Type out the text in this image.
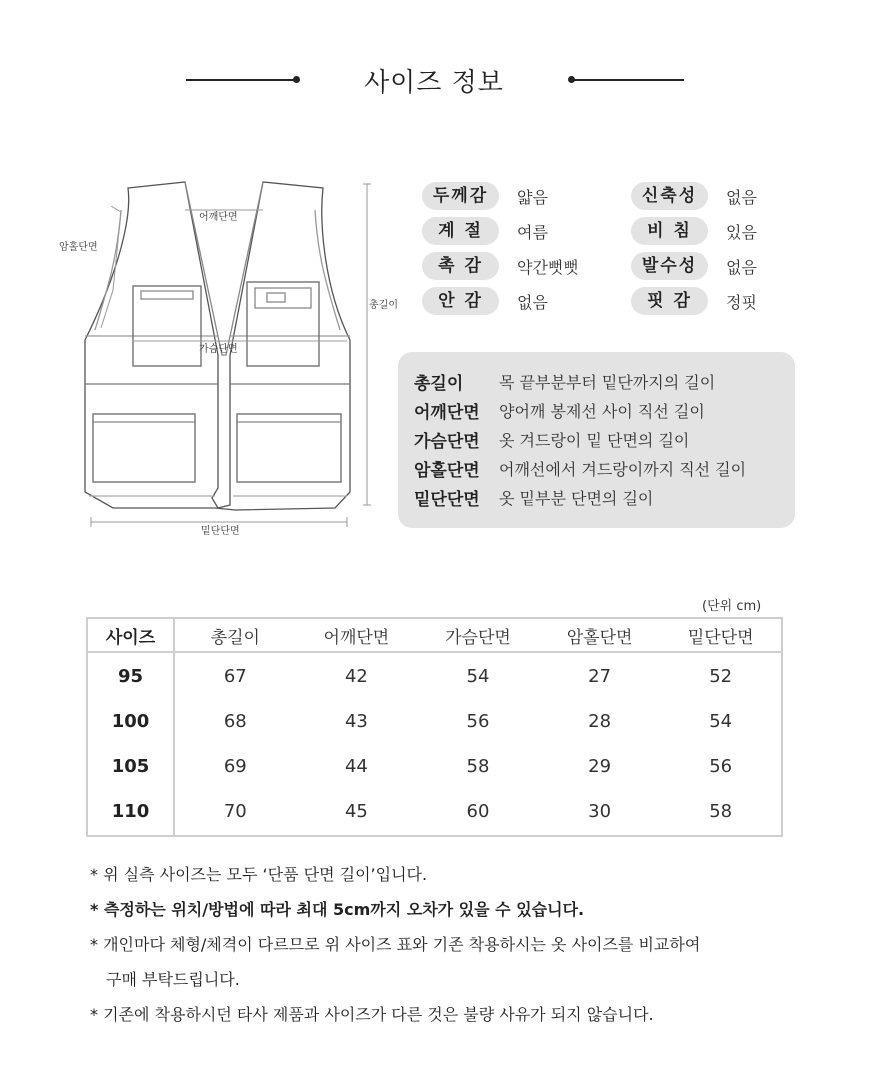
사이즈 정보
어깨단면
암홀단면
가슴단면
총길이
밑단단면
두께감	얇음
계 절	여름
촉 감	약간뻣뻣
안 감	없음
신축성	없음
비 침	있음
발수성	없음
핏 감	정핏
총길이 목 끝부분부터 밑단까지의 길이
어깨단면 양어깨 봉제선 사이 직선 길이
가슴단면 옷 겨드랑이 밑 단면의 길이
암홀단면 어깨선에서 겨드랑이까지 직선 길이
밑단단면 옷 밑부분 단면의 길이
(단위 cm)
사이즈	총길이	어깨단면	가슴단면	암홀단면	밑단단면
95	67	42	54	27	52
100	68	43	56	28	54
105	69	44	58	29	56
110	70	45	60	30	58
* 위 실측 사이즈는 모두 ‘단품 단면 길이’입니다.
* 측정하는 위치/방법에 따라 최대 5cm까지 오차가 있을 수 있습니다.
* 개인마다 체형/체격이 다르므로 위 사이즈 표와 기존 착용하시는 옷 사이즈를 비교하여
구매 부탁드립니다.
* 기존에 착용하시던 타사 제품과 사이즈가 다른 것은 불량 사유가 되지 않습니다.
